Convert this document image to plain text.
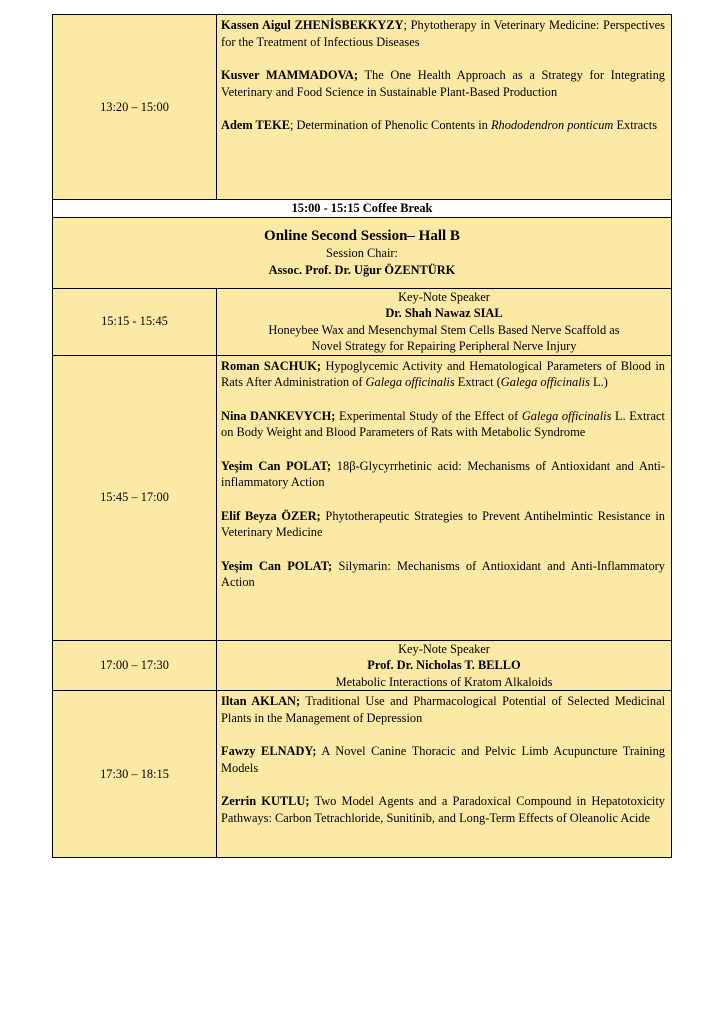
13:20 – 15:00	Kassen Aigul ZHENİSBEKKYZY; Phytotherapy in Veterinary Medicine: Perspectives for the Treatment of Infectious Diseases

Kusver MAMMADOVA; The One Health Approach as a Strategy for Integrating Veterinary and Food Science in Sustainable Plant-Based Production

Adem TEKE; Determination of Phenolic Contents in Rhododendron ponticum Extracts

15:00 - 15:15 Coffee Break	

Online Second Session– Hall B
Session Chair:
Assoc. Prof. Dr. Uğur ÖZENTÜRK	

15:15 - 15:45	Key-Note Speaker
Dr. Shah Nawaz SIAL
Honeybee Wax and Mesenchymal Stem Cells Based Nerve Scaffold as
Novel Strategy for Repairing Peripheral Nerve Injury

15:45 – 17:00	Roman SACHUK; Hypoglycemic Activity and Hematological Parameters of Blood in Rats After Administration of Galega officinalis Extract (Galega officinalis L.)

Nina DANKEVYCH; Experimental Study of the Effect of Galega officinalis L. Extract on Body Weight and Blood Parameters of Rats with Metabolic Syndrome

Yeşim Can POLAT; 18β-Glycyrrhetinic acid: Mechanisms of Antioxidant and Anti-inflammatory Action

Elif Beyza ÖZER; Phytotherapeutic Strategies to Prevent Antihelmintic Resistance in Veterinary Medicine

Yeşim Can POLAT; Silymarin: Mechanisms of Antioxidant and Anti-Inflammatory Action

17:00 – 17:30	Key-Note Speaker
Prof. Dr. Nicholas T. BELLO
Metabolic Interactions of Kratom Alkaloids

17:30 – 18:15	Iltan AKLAN; Traditional Use and Pharmacological Potential of Selected Medicinal Plants in the Management of Depression

Fawzy ELNADY; A Novel Canine Thoracic and Pelvic Limb Acupuncture Training Models

Zerrin KUTLU; Two Model Agents and a Paradoxical Compound in Hepatotoxicity Pathways: Carbon Tetrachloride, Sunitinib, and Long-Term Effects of Oleanolic Acide
